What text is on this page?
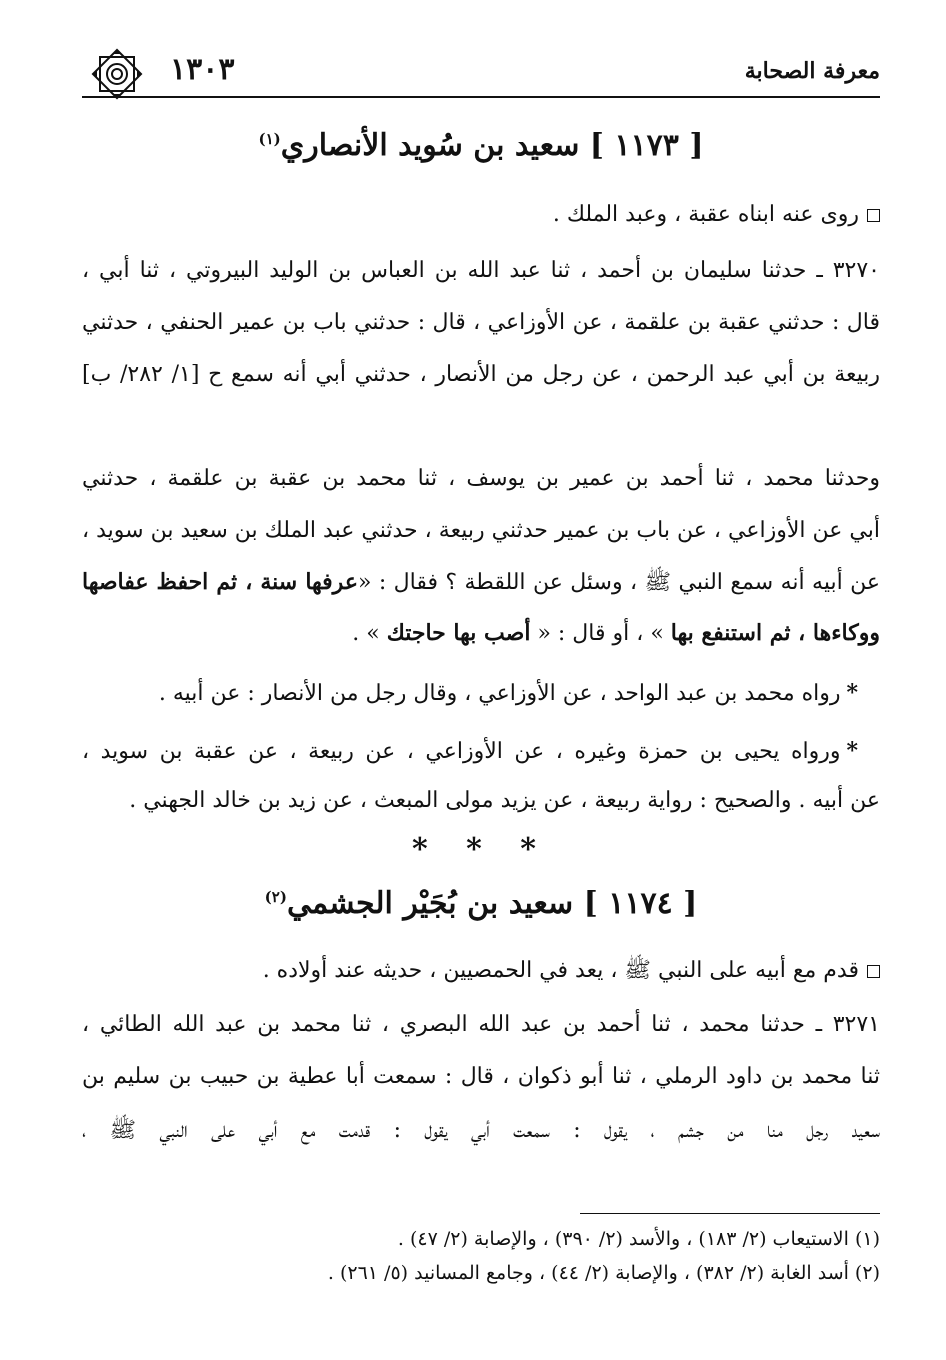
معرفة الصحابة
١٣٠٣
[ ١١٧٣ ] سعيد بن سُويد الأنصاري$^{(١)}$
روى عنه ابناه عقبة ، وعبد الملك .
٣٢٧٠ ـ حدثنا سليمان بن أحمد ، ثنا عبد الله بن العباس بن الوليد البيروتي ، ثنا أبي ،
قال : حدثني عقبة بن علقمة ، عن الأوزاعي ، قال : حدثني باب بن عمير الحنفي ، حدثني
ربيعة بن أبي عبد الرحمن ، عن رجل من الأنصار ، حدثني أبي أنه سمع ح [١/ ٢٨٢/ ب]
وحدثنا محمد ، ثنا أحمد بن عمير بن يوسف ، ثنا محمد بن عقبة بن علقمة ، حدثني
أبي عن الأوزاعي ، عن باب بن عمير حدثني ربيعة ، حدثني عبد الملك بن سعيد بن سويد ،
عن أبيه أنه سمع النبي ﷺ ، وسئل عن اللقطة ؟ فقال : «عرفها سنة ، ثم احفظ عفاصها
ووكاءها ، ثم استنفع بها » ، أو قال : « أصب بها حاجتك » .
*رواه محمد بن عبد الواحد ، عن الأوزاعي ، وقال رجل من الأنصار : عن أبيه .
*ورواه يحيى بن حمزة وغيره ، عن الأوزاعي ، عن ربيعة ، عن عقبة بن سويد ،
عن أبيه . والصحيح : رواية ربيعة ، عن يزيد مولى المبعث ، عن زيد بن خالد الجهني .
* * *
[ ١١٧٤ ] سعيد بن بُجَيْر الجشمي$^{(٢)}$
قدم مع أبيه على النبي ﷺ ، يعد في الحمصيين ، حديثه عند أولاده .
٣٢٧١ ـ حدثنا محمد ، ثنا أحمد بن عبد الله البصري ، ثنا محمد بن عبد الله الطائي ،
ثنا محمد بن داود الرملي ، ثنا أبو ذكوان ، قال : سمعت أبا عطية بن حبيب بن سليم بن
سعيد رجل منا من جشم ، يقول : سمعت أبي يقول : قدمت مع أبي على النبي ﷺ ،
(١) الاستيعاب (٢/ ١٨٣) ، والأسد (٢/ ٣٩٠) ، والإصابة (٢/ ٤٧) .
(٢) أسد الغابة (٢/ ٣٨٢) ، والإصابة (٢/ ٤٤) ، وجامع المسانيد (٥/ ٢٦١) .
